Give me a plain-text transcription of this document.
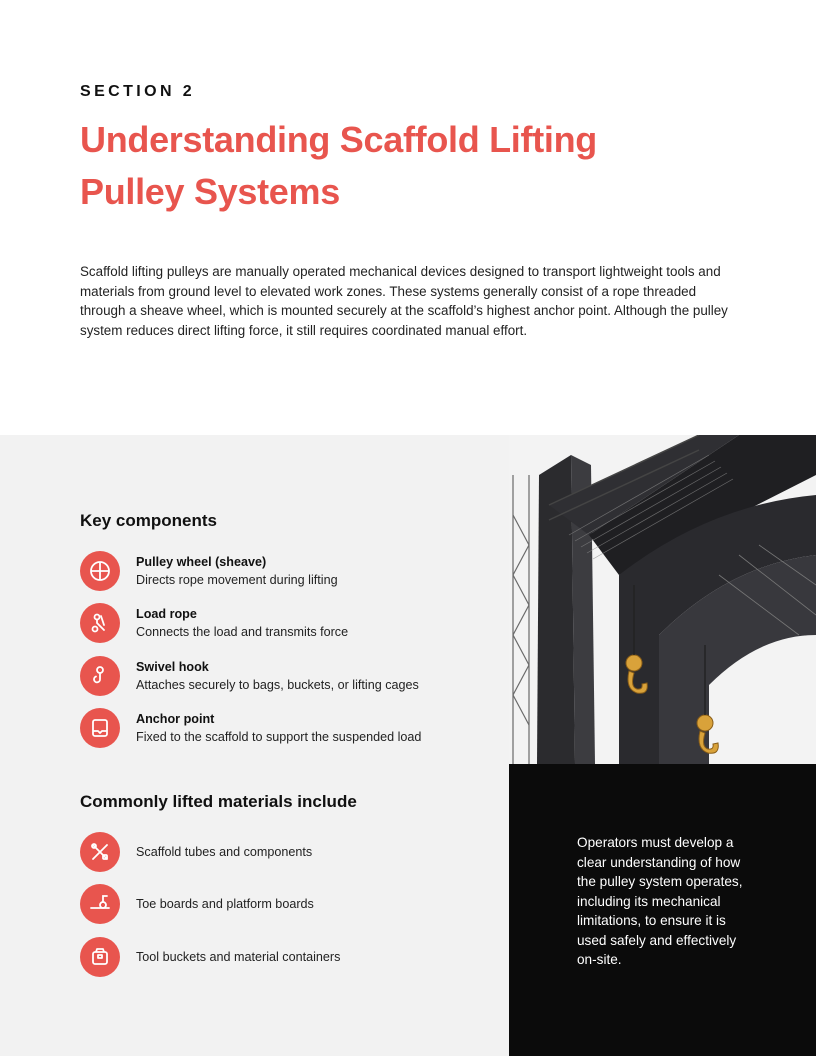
SECTION 2
Understanding Scaffold Lifting Pulley Systems

Scaffold lifting pulleys are manually operated mechanical devices designed to transport lightweight tools and materials from ground level to elevated work zones. These systems generally consist of a rope threaded through a sheave wheel, which is mounted securely at the scaffold’s highest anchor point. Although the pulley system reduces direct lifting force, it still requires coordinated manual effort.

Operators must develop a clear understanding of how the pulley system operates, including its mechanical limitations, to ensure it is used safely and effectively on-site.

Key components
Pulley wheel (sheave)
Directs rope movement during lifting
Load rope
Connects the load and transmits force
Swivel hook
Attaches securely to bags, buckets, or lifting cages
Anchor point
Fixed to the scaffold to support the suspended load
Commonly lifted materials include
Scaffold tubes and components
Toe boards and platform boards
Tool buckets and material containers
